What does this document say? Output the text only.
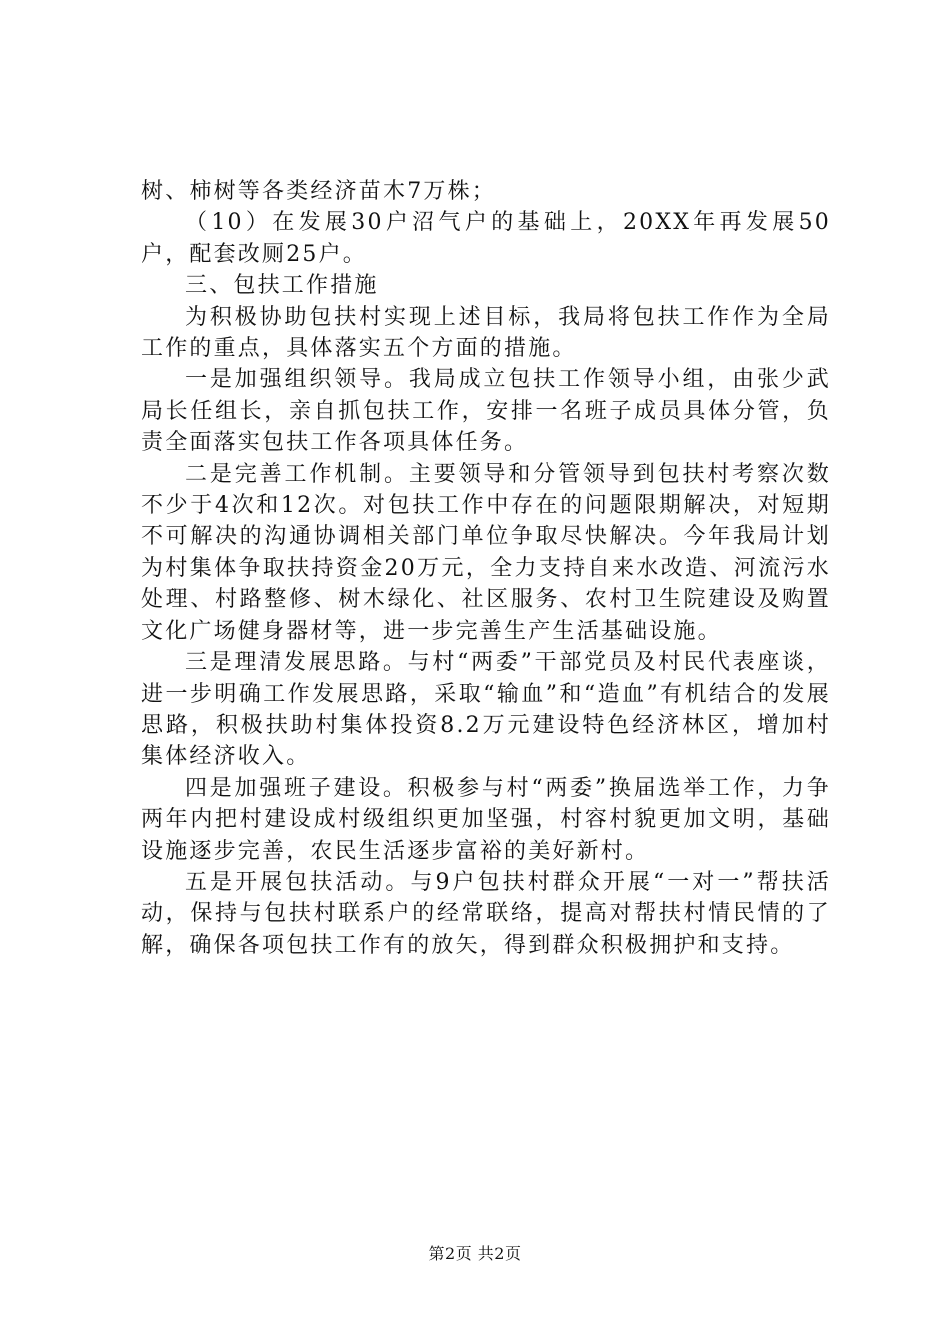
树、柿树等各类经济苗木7万株；

（10）在发展30户沼气户的基础上，20XX年再发展50户，配套改厕25户。

三、包扶工作措施

为积极协助包扶村实现上述目标，我局将包扶工作作为全局工作的重点，具体落实五个方面的措施。

一是加强组织领导。我局成立包扶工作领导小组，由张少武局长任组长，亲自抓包扶工作，安排一名班子成员具体分管，负责全面落实包扶工作各项具体任务。

二是完善工作机制。主要领导和分管领导到包扶村考察次数不少于4次和12次。对包扶工作中存在的问题限期解决，对短期不可解决的沟通协调相关部门单位争取尽快解决。今年我局计划为村集体争取扶持资金20万元，全力支持自来水改造、河流污水处理、村路整修、树木绿化、社区服务、农村卫生院建设及购置文化广场健身器材等，进一步完善生产生活基础设施。

三是理清发展思路。与村“两委”干部党员及村民代表座谈，进一步明确工作发展思路，采取“输血”和“造血”有机结合的发展思路，积极扶助村集体投资8.2万元建设特色经济林区，增加村集体经济收入。

四是加强班子建设。积极参与村“两委”换届选举工作，力争两年内把村建设成村级组织更加坚强，村容村貌更加文明，基础设施逐步完善，农民生活逐步富裕的美好新村。

五是开展包扶活动。与9户包扶村群众开展“一对一”帮扶活动，保持与包扶村联系户的经常联络，提高对帮扶村情民情的了解，确保各项包扶工作有的放矢，得到群众积极拥护和支持。

第2页 共2页
